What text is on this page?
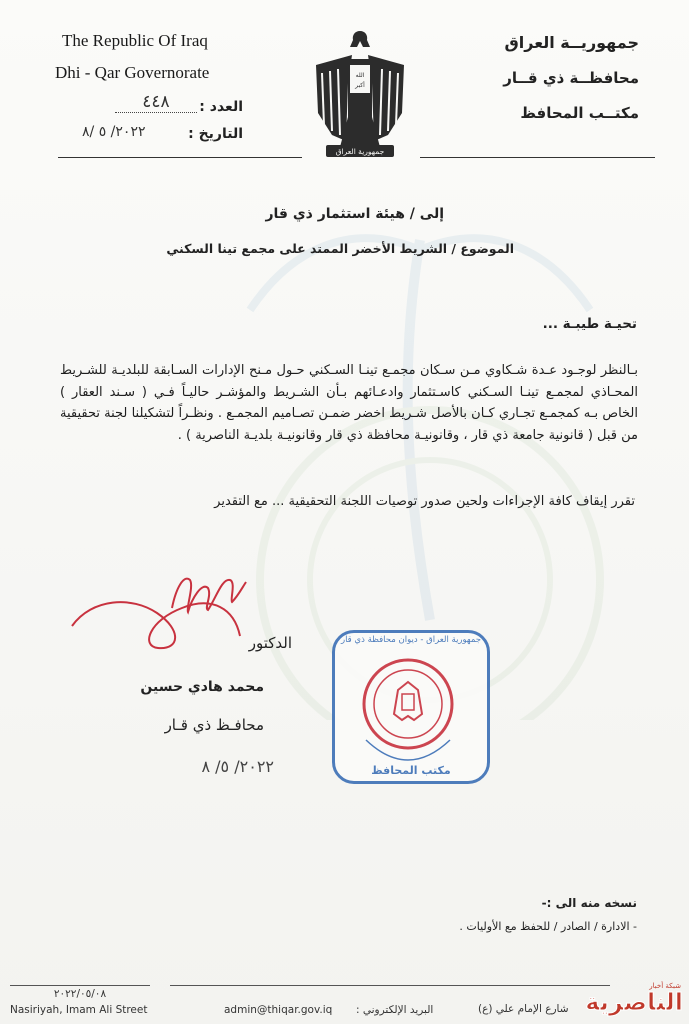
The Republic Of Iraq
Dhi - Qar Governorate
العدد :
٤٤٨
التاريخ :
٢٠٢٢/ ٥ /٨
الله
أكبر
جمهورية العراق
جمهوريــة العراق
محافظــة ذي قــار
مكتــب المحافظ
إلى / هيئة استثمار ذي قار
الموضوع / الشريط الأخضر الممتد على مجمع تينا السكني
تحيـة طيبـة ...
بـالنظر لوجـود عـدة شـكاوي مـن سـكان مجمـع تينـا السـكني حـول مـنح الإدارات السـابقة للبلديـة للشـريط المحـاذي لمجمـع تينـا السـكني كاسـتثمار وادعـائهم بـأن الشـريط والمؤشـر حاليـاً فـي ( سـند العقار ) الخاص بـه كمجمـع تجـاري كـان بالأصل شـريط اخضر ضمـن تصـاميم المجمـع . ونظـراً لتشكيلنا لجنة تحقيقية من قبل ( قانونية جامعة ذي قار ، وقانونيـة محافظة ذي قار وقانونيـة بلديـة الناصرية ) .
تقرر إيقاف كافة الإجراءات ولحين صدور توصيات اللجنة التحقيقية ... مع التقدير
الدكتور
محمد هادي حسين
محافـظ ذي قـار
٢٠٢٢/ ٥/ ٨
جمهورية العراق - ديوان محافظة ذي قار
مكتب المحافظ
نسخه منه الى :-
- الادارة / الصادر / للحفظ مع الأوليات .
٢٠٢٢/٠٥/٠٨
Nasiriyah, Imam Ali Street	admin@thiqar.gov.iq البريد الإلكتروني :	شارع الإمام علي (ع)
شبكة أخبار
الناصرية
